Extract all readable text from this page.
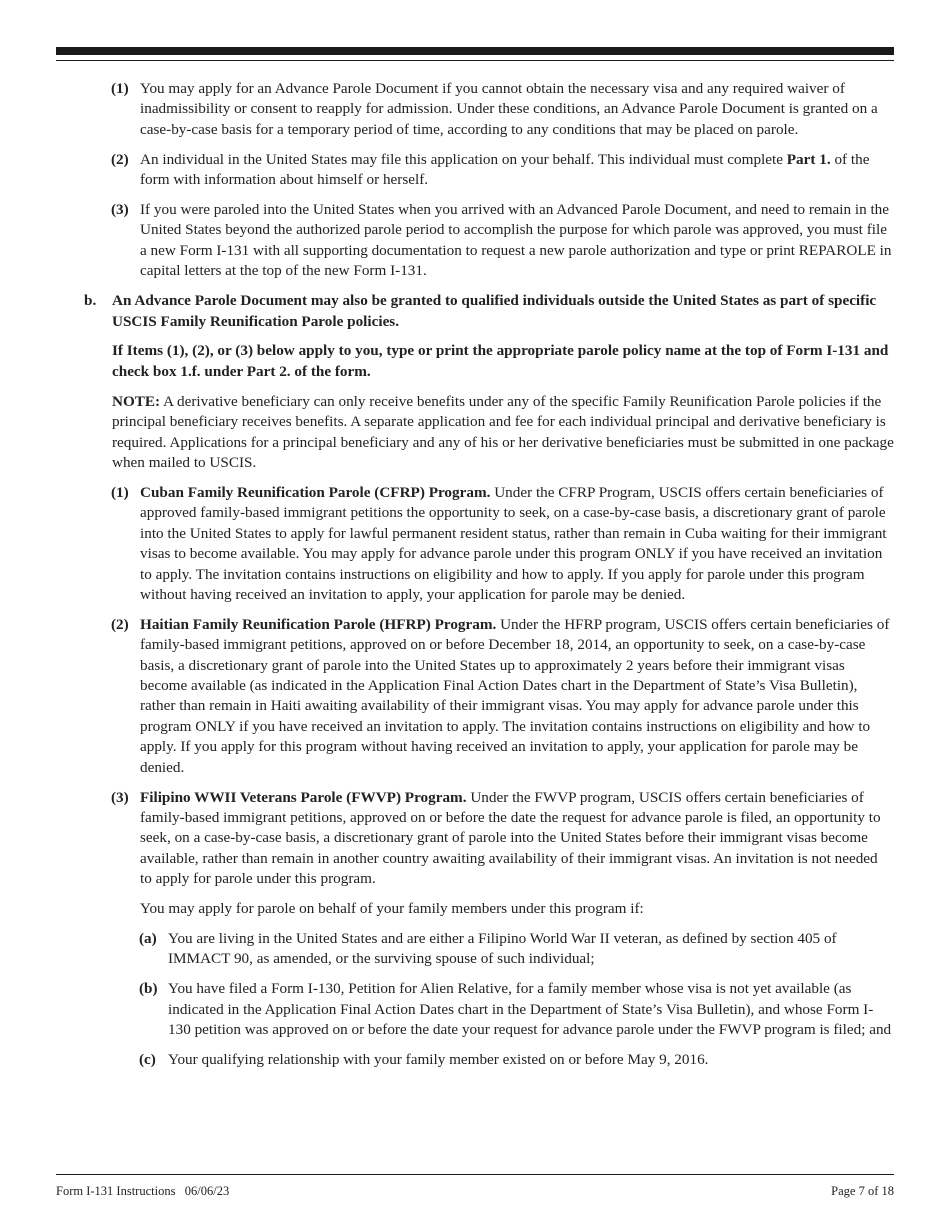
(1) You may apply for an Advance Parole Document if you cannot obtain the necessary visa and any required waiver of inadmissibility or consent to reapply for admission. Under these conditions, an Advance Parole Document is granted on a case-by-case basis for a temporary period of time, according to any conditions that may be placed on parole.
(2) An individual in the United States may file this application on your behalf. This individual must complete Part 1. of the form with information about himself or herself.
(3) If you were paroled into the United States when you arrived with an Advanced Parole Document, and need to remain in the United States beyond the authorized parole period to accomplish the purpose for which parole was approved, you must file a new Form I-131 with all supporting documentation to request a new parole authorization and type or print REPAROLE in capital letters at the top of the new Form I-131.
b. An Advance Parole Document may also be granted to qualified individuals outside the United States as part of specific USCIS Family Reunification Parole policies.
If Items (1), (2), or (3) below apply to you, type or print the appropriate parole policy name at the top of Form I-131 and check box 1.f. under Part 2. of the form.
NOTE: A derivative beneficiary can only receive benefits under any of the specific Family Reunification Parole policies if the principal beneficiary receives benefits. A separate application and fee for each individual principal and derivative beneficiary is required. Applications for a principal beneficiary and any of his or her derivative beneficiaries must be submitted in one package when mailed to USCIS.
(1) Cuban Family Reunification Parole (CFRP) Program. Under the CFRP Program, USCIS offers certain beneficiaries of approved family-based immigrant petitions the opportunity to seek, on a case-by-case basis, a discretionary grant of parole into the United States to apply for lawful permanent resident status, rather than remain in Cuba waiting for their immigrant visas to become available. You may apply for advance parole under this program ONLY if you have received an invitation to apply. The invitation contains instructions on eligibility and how to apply. If you apply for parole under this program without having received an invitation to apply, your application for parole may be denied.
(2) Haitian Family Reunification Parole (HFRP) Program. Under the HFRP program, USCIS offers certain beneficiaries of family-based immigrant petitions, approved on or before December 18, 2014, an opportunity to seek, on a case-by-case basis, a discretionary grant of parole into the United States up to approximately 2 years before their immigrant visas become available (as indicated in the Application Final Action Dates chart in the Department of State’s Visa Bulletin), rather than remain in Haiti awaiting availability of their immigrant visas. You may apply for advance parole under this program ONLY if you have received an invitation to apply. The invitation contains instructions on eligibility and how to apply. If you apply for this program without having received an invitation to apply, your application for parole may be denied.
(3) Filipino WWII Veterans Parole (FWVP) Program. Under the FWVP program, USCIS offers certain beneficiaries of family-based immigrant petitions, approved on or before the date the request for advance parole is filed, an opportunity to seek, on a case-by-case basis, a discretionary grant of parole into the United States before their immigrant visas become available, rather than remain in another country awaiting availability of their immigrant visas. An invitation is not needed to apply for parole under this program.
You may apply for parole on behalf of your family members under this program if:
(a) You are living in the United States and are either a Filipino World War II veteran, as defined by section 405 of IMMACT 90, as amended, or the surviving spouse of such individual;
(b) You have filed a Form I-130, Petition for Alien Relative, for a family member whose visa is not yet available (as indicated in the Application Final Action Dates chart in the Department of State’s Visa Bulletin), and whose Form I-130 petition was approved on or before the date your request for advance parole under the FWVP program is filed; and
(c) Your qualifying relationship with your family member existed on or before May 9, 2016.
Form I-131 Instructions   06/06/23	Page 7 of 18
